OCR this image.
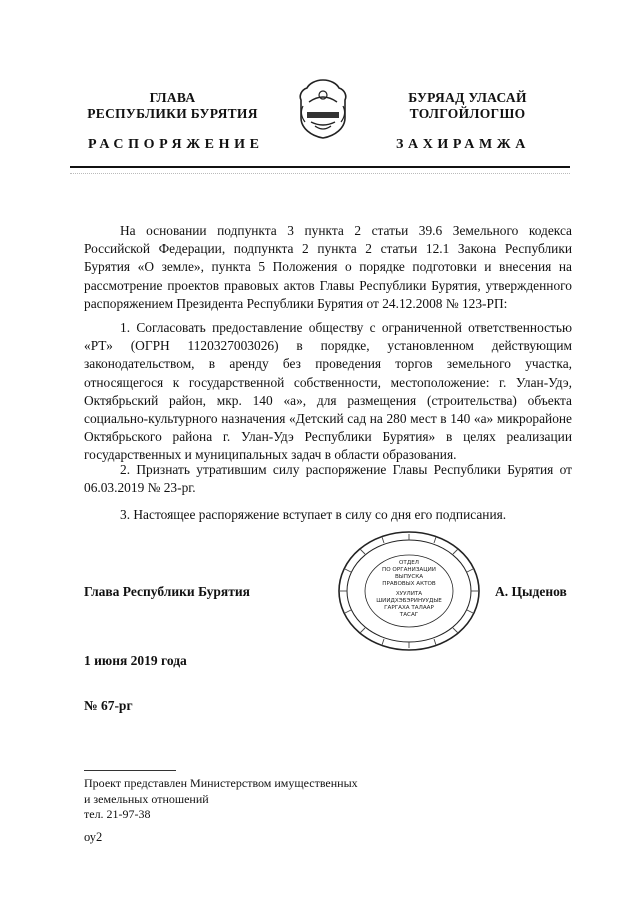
ГЛАВА
РЕСПУБЛИКИ БУРЯТИЯ
БУРЯАД УЛАСАЙ
ТОЛГОЙЛОГШО
РАСПОРЯЖЕНИЕ	ЗАХИРАМЖА

На основании подпункта 3 пункта 2 статьи 39.6 Земельного кодекса Российской Федерации, подпункта 2 пункта 2 статьи 12.1 Закона Республики Бурятия «О земле», пункта 5 Положения о порядке подготовки и внесения на рассмотрение проектов правовых актов Главы Республики Бурятия, утвержденного распоряжением Президента Республики Бурятия от 24.12.2008 № 123-РП:

1. Согласовать предоставление обществу с ограниченной ответственностью «РТ» (ОГРН 1120327003026) в порядке, установленном действующим законодательством, в аренду без проведения торгов земельного участка, относящегося к государственной собственности, местоположение: г. Улан-Удэ, Октябрьский район, мкр. 140 «а», для размещения (строительства) объекта социально-культурного назначения «Детский сад на 280 мест в 140 «а» микрорайоне Октябрьского района г. Улан-Удэ Республики Бурятия» в целях реализации государственных и муниципальных задач в области образования.

2. Признать утратившим силу распоряжение Главы Республики Бурятия от 06.03.2019 № 23-рг.

3. Настоящее распоряжение вступает в силу со дня его подписания.

ОТДЕЛ
ПО ОРГАНИЗАЦИИ
ВЫПУСКА
ПРАВОВЫХ АКТОВ
ХУУЛИТА
ШИИДХЭБЭРИНУУДЫЕ
ГАРГАХА ТАЛААР
ТАСАГ
Глава Республики Бурятия	А. Цыденов
1 июня 2019 года
№ 67-рг
Проект представлен Министерством имущественных
и земельных отношений
тел. 21-97-38
оу2
